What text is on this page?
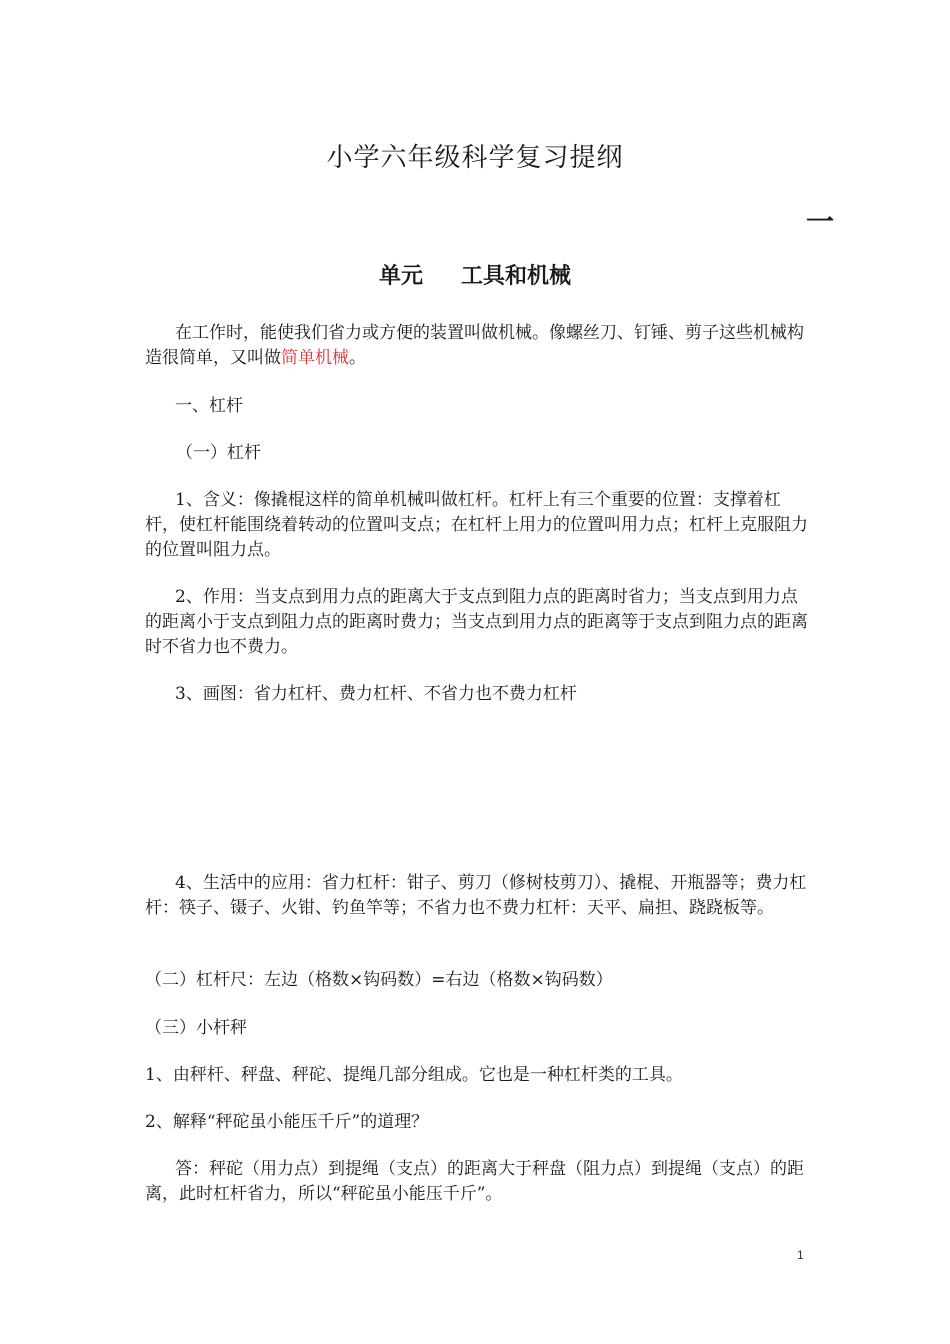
小学六年级科学复习提纲
一
单元 工具和机械

在工作时，能使我们省力或方便的装置叫做机械。像螺丝刀、钉锤、剪子这些机械构造很简单，又叫做简单机械。

一、杠杆

（一）杠杆

1、含义：像撬棍这样的简单机械叫做杠杆。杠杆上有三个重要的位置：支撑着杠杆，使杠杆能围绕着转动的位置叫支点；在杠杆上用力的位置叫用力点；杠杆上克服阻力的位置叫阻力点。

2、作用：当支点到用力点的距离大于支点到阻力点的距离时省力；当支点到用力点的距离小于支点到阻力点的距离时费力；当支点到用力点的距离等于支点到阻力点的距离时不省力也不费力。

3、画图：省力杠杆、费力杠杆、不省力也不费力杠杆

4、生活中的应用：省力杠杆：钳子、剪刀（修树枝剪刀）、撬棍、开瓶器等；费力杠杆：筷子、镊子、火钳、钓鱼竿等；不省力也不费力杠杆：天平、扁担、跷跷板等。

（二）杠杆尺：左边（格数×钩码数）=右边（格数×钩码数）

（三）小杆秤

1、由秤杆、秤盘、秤砣、提绳几部分组成。它也是一种杠杆类的工具。

2、解释“秤砣虽小能压千斤”的道理？

答：秤砣（用力点）到提绳（支点）的距离大于秤盘（阻力点）到提绳（支点）的距离，此时杠杆省力，所以“秤砣虽小能压千斤”。

1
